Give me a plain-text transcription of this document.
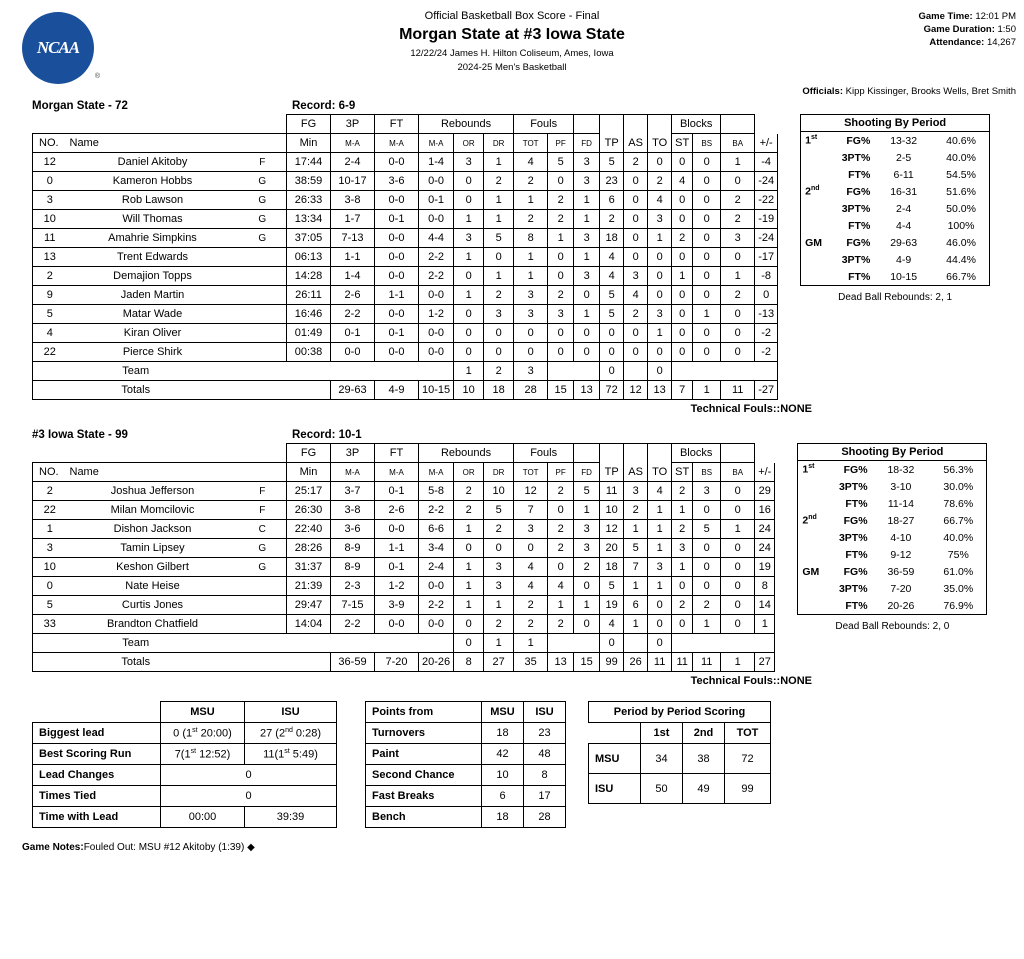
NCAA
®
Official Basketball Box Score - Final
Morgan State at #3 Iowa State
12/22/24 James H. Hilton Coliseum, Ames, Iowa
2024-25 Men's Basketball
Game Time: 12:01 PM
Game Duration: 1:50
Attendance: 14,267
Officials: Kipp Kissinger, Brooks Wells, Bret Smith
Morgan State - 72	Record: 6-9
			FG	3P	FT	Rebounds			Fouls						Blocks			
NO.	Name		Min	M-A	M-A	M-A	OR	DR	TOT	PF	FD	TP	AS	TO	ST	BS	BA	+/-
12	Daniel Akitoby	F	17:44	2-4	0-0	1-4	3	1	4	5	3	5	2	0	0	0	1	-4
0	Kameron Hobbs	G	38:59	10-17	3-6	0-0	0	2	2	0	3	23	0	2	4	0	0	-24
3	Rob Lawson	G	26:33	3-8	0-0	0-1	0	1	1	2	1	6	0	4	0	0	2	-22
10	Will Thomas	G	13:34	1-7	0-1	0-0	1	1	2	2	1	2	0	3	0	0	2	-19
11	Amahrie Simpkins	G	37:05	7-13	0-0	4-4	3	5	8	1	3	18	0	1	2	0	3	-24
13	Trent Edwards		06:13	1-1	0-0	2-2	1	0	1	0	1	4	0	0	0	0	0	-17
2	Demajion Topps		14:28	1-4	0-0	2-2	0	1	1	0	3	4	3	0	1	0	1	-8
9	Jaden Martin		26:11	2-6	1-1	0-0	1	2	3	2	0	5	4	0	0	0	2	0
5	Matar Wade		16:46	2-2	0-0	1-2	0	3	3	3	1	5	2	3	0	1	0	-13
4	Kiran Oliver		01:49	0-1	0-1	0-0	0	0	0	0	0	0	0	1	0	0	0	-2
22	Pierce Shirk		00:38	0-0	0-0	0-0	0	0	0	0	0	0	0	0	0	0	0	-2
Team							1	2	3			0		0				
Totals				29-63	4-9	10-15	10	18	28	15	13	72	12	13	7	1	11	-27
Shooting By Period
1st	FG%	13-32	40.6%
	3PT%	2-5	40.0%
	FT%	6-11	54.5%
2nd	FG%	16-31	51.6%
	3PT%	2-4	50.0%
	FT%	4-4	100%
GM	FG%	29-63	46.0%
	3PT%	4-9	44.4%
	FT%	10-15	66.7%
Dead Ball Rebounds: 2, 1
Technical Fouls::NONE
#3 Iowa State - 99	Record: 10-1
			FG	3P	FT	Rebounds			Fouls						Blocks			
NO.	Name		Min	M-A	M-A	M-A	OR	DR	TOT	PF	FD	TP	AS	TO	ST	BS	BA	+/-
2	Joshua Jefferson	F	25:17	3-7	0-1	5-8	2	10	12	2	5	11	3	4	2	3	0	29
22	Milan Momcilovic	F	26:30	3-8	2-6	2-2	2	5	7	0	1	10	2	1	1	0	0	16
1	Dishon Jackson	C	22:40	3-6	0-0	6-6	1	2	3	2	3	12	1	1	2	5	1	24
3	Tamin Lipsey	G	28:26	8-9	1-1	3-4	0	0	0	2	3	20	5	1	3	0	0	24
10	Keshon Gilbert	G	31:37	8-9	0-1	2-4	1	3	4	0	2	18	7	3	1	0	0	19
0	Nate Heise		21:39	2-3	1-2	0-0	1	3	4	4	0	5	1	1	0	0	0	8
5	Curtis Jones		29:47	7-15	3-9	2-2	1	1	2	1	1	19	6	0	2	2	0	14
33	Brandton Chatfield		14:04	2-2	0-0	0-0	0	2	2	2	0	4	1	0	0	1	0	1
Team							0	1	1			0		0				
Totals				36-59	7-20	20-26	8	27	35	13	15	99	26	11	11	11	1	27
Shooting By Period
1st	FG%	18-32	56.3%
	3PT%	3-10	30.0%
	FT%	11-14	78.6%
2nd	FG%	18-27	66.7%
	3PT%	4-10	40.0%
	FT%	9-12	75%
GM	FG%	36-59	61.0%
	3PT%	7-20	35.0%
	FT%	20-26	76.9%
Dead Ball Rebounds: 2, 0
Technical Fouls::NONE
	MSU	ISU
Biggest lead	0 (1st 20:00)	27 (2nd 0:28)
Best Scoring Run	7(1st 12:52)	11(1st 5:49)
Lead Changes	0	
Times Tied	0	
Time with Lead	00:00	39:39
Points from	MSU	ISU
Turnovers	18	23
Paint	42	48
Second Chance	10	8
Fast Breaks	6	17
Bench	18	28
Period by Period Scoring			
	1st	2nd	TOT
MSU	34	38	72
ISU	50	49	99
Game Notes:Fouled Out: MSU #12 Akitoby (1:39) ◆
